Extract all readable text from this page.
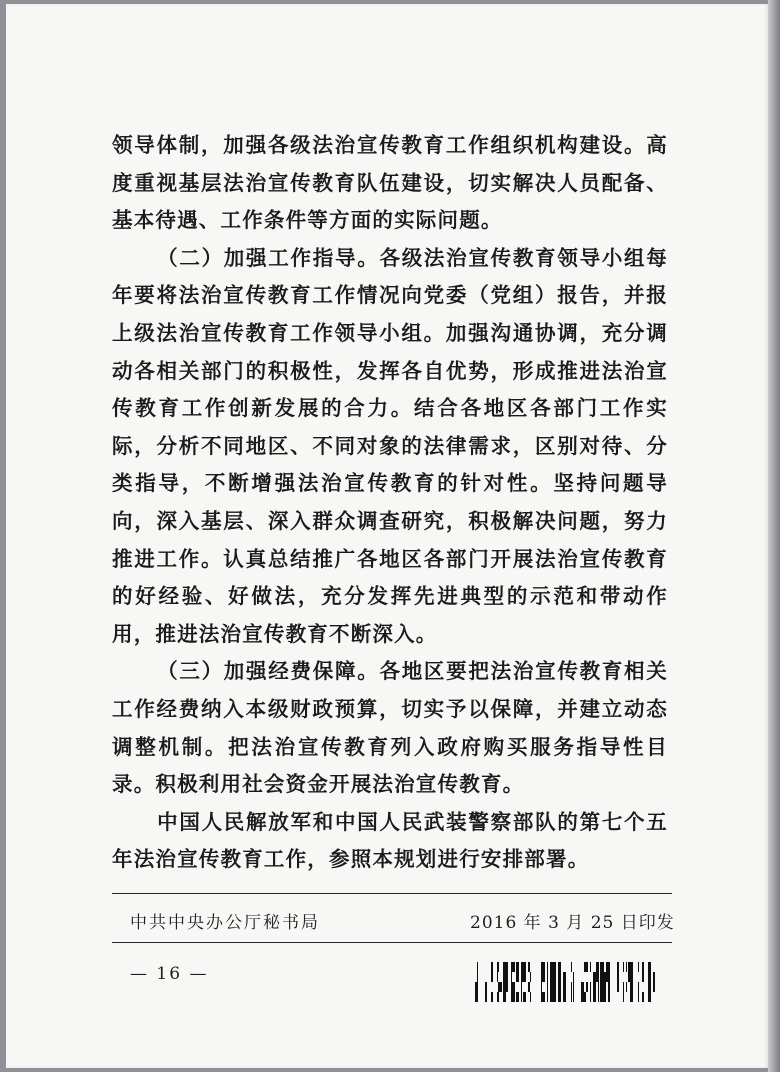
领导体制，加强各级法治宣传教育工作组织机构建设。高度重视基层法治宣传教育队伍建设，切实解决人员配备、基本待遇、工作条件等方面的实际问题。

（二）加强工作指导。各级法治宣传教育领导小组每年要将法治宣传教育工作情况向党委（党组）报告，并报上级法治宣传教育工作领导小组。加强沟通协调，充分调动各相关部门的积极性，发挥各自优势，形成推进法治宣传教育工作创新发展的合力。结合各地区各部门工作实际，分析不同地区、不同对象的法律需求，区别对待、分类指导，不断增强法治宣传教育的针对性。坚持问题导向，深入基层、深入群众调查研究，积极解决问题，努力推进工作。认真总结推广各地区各部门开展法治宣传教育的好经验、好做法，充分发挥先进典型的示范和带动作用，推进法治宣传教育不断深入。

（三）加强经费保障。各地区要把法治宣传教育相关工作经费纳入本级财政预算，切实予以保障，并建立动态调整机制。把法治宣传教育列入政府购买服务指导性目录。积极利用社会资金开展法治宣传教育。

中国人民解放军和中国人民武装警察部队的第七个五年法治宣传教育工作，参照本规划进行安排部署。

中共中央办公厅秘书局	2016 年 3 月 25 日印发
— 16 —
